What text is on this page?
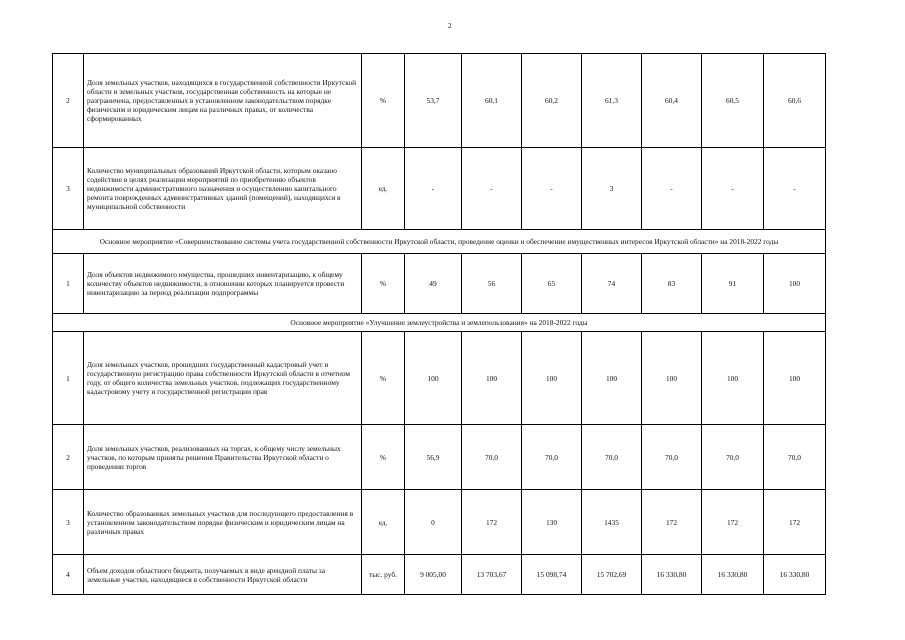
2
2	Доля земельных участков, находящихся в государственной собственности Иркутской области и земельных участков, государственная собственность на которые не разграничена, предоставленных в установленном законодательством порядке физическим и юридическим лицам на различных правах, от количества сформированных	%	53,7	60,1	60,2	61,3	60,4	60,5	60,6
3	Количество муниципальных образований Иркутской области, которым оказано содействие в целях реализации мероприятий по приобретению объектов недвижимости административного назначения и осуществлению капитального ремонта поврежденных административных зданий (помещений), находящихся в муниципальной собственности	ед.	-	-	-	3	-	-	-
Основное мероприятие «Совершенствование системы учета государственной собственности Иркутской области, проведение оценки и обеспечение имущественных интересов Иркутской области» на 2018-2022 годы									
1	Доля объектов недвижимого имущества, прошедших инвентаризацию, к общему количеству объектов недвижимости, в отношении которых планируется провести инвентаризацию за период реализации подпрограммы	%	49	56	65	74	83	91	100
Основное мероприятие «Улучшение землеустройства и землепользования» на 2018-2022 годы									
1	Доля земельных участков, прошедших государственный кадастровый учет и государственную регистрацию права собственности Иркутской области в отчетном году, от общего количества земельных участков, подлежащих государственному кадастровому учету и государственной регистрации прав	%	100	100	100	100	100	100	100
2	Доля земельных участков, реализованных на торгах, к общему числу земельных участков, по которым приняты решения Правительства Иркутской области о проведении торгов	%	56,9	70,0	70,0	70,0	70,0	70,0	70,0
3	Количество образованных земельных участков для последующего предоставления в установленном законодательством порядке физическим и юридическим лицам на различных правах	ед.	0	172	130	1435	172	172	172
4	Объем доходов областного бюджета, получаемых в виде арендной платы за земельные участки, находящиеся в собственности Иркутской области	тыс. руб.	9 005,00	13 703,67	15 098,74	15 702,69	16 330,80	16 330,80	16 330,80
